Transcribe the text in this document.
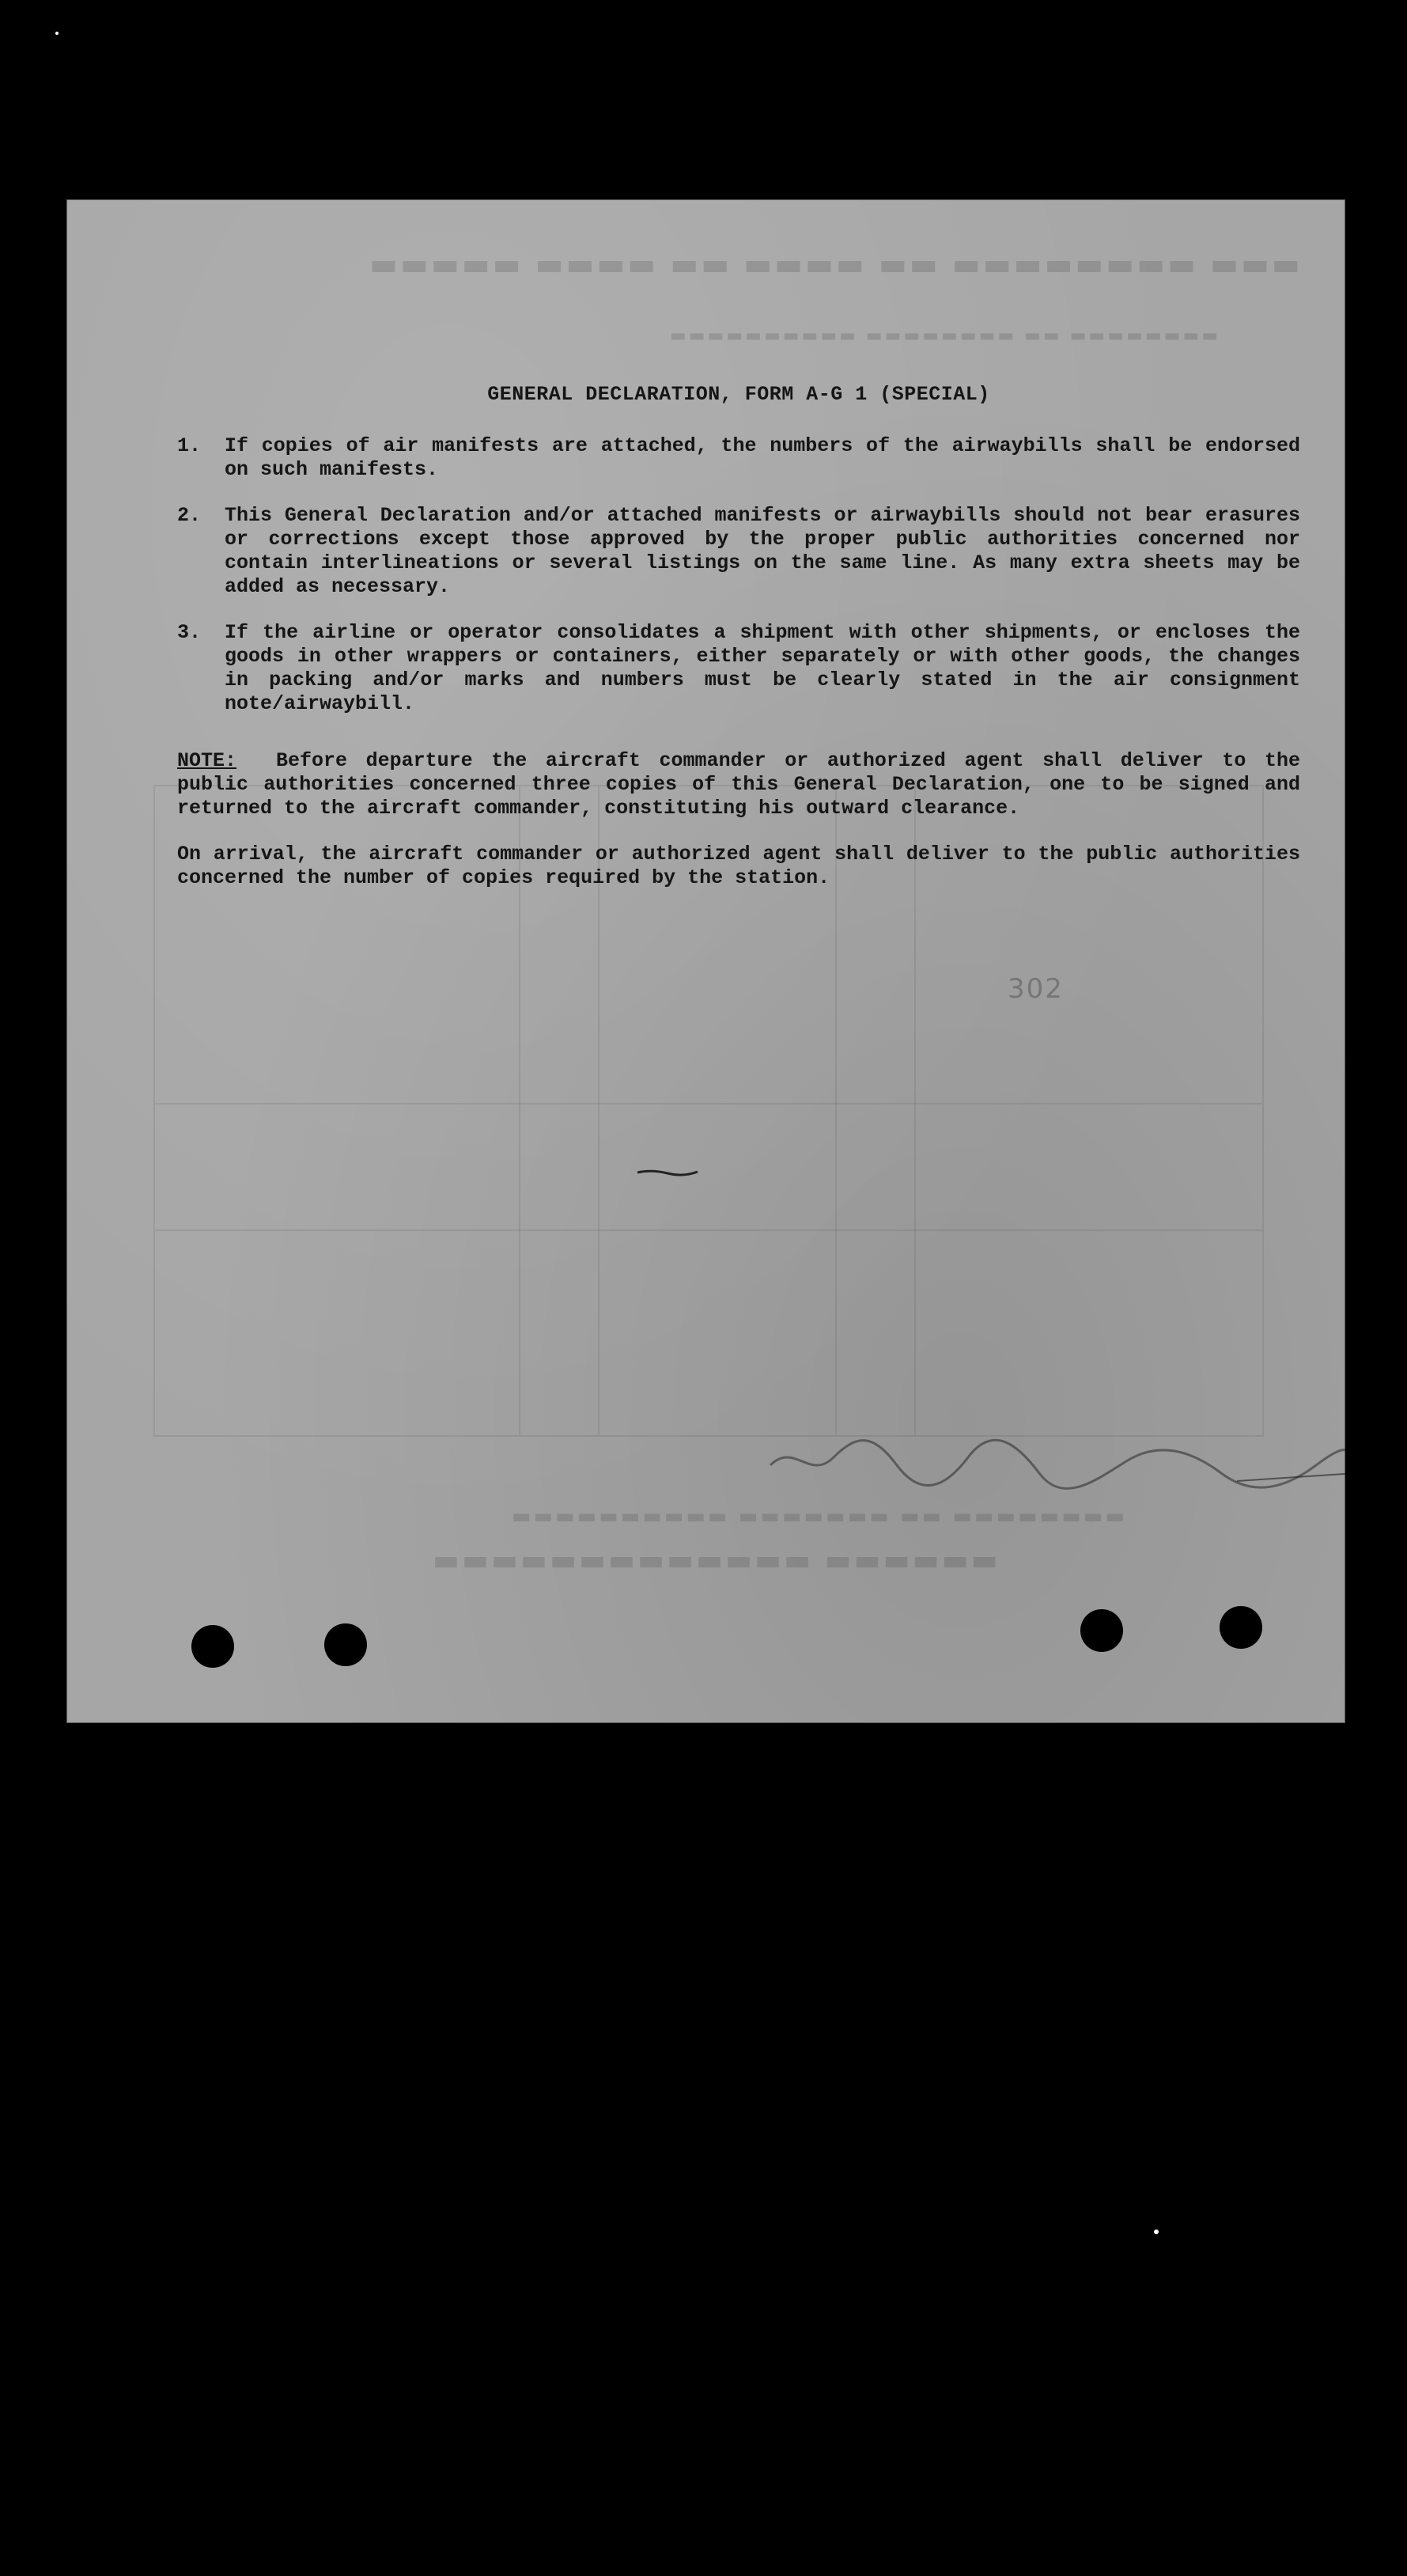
▬▬▬ ▬▬▬▬▬▬▬▬ ▬▬ ▬▬▬▬ ▬▬ ▬▬▬▬ ▬▬▬▬▬
▬▬▬▬▬▬▬▬ ▬▬ ▬▬▬▬▬▬▬▬ ▬▬▬▬▬▬▬▬▬▬
▬▬▬▬▬▬▬▬ ▬▬ ▬▬▬▬▬▬▬ ▬▬▬▬▬▬▬▬▬▬
▬▬▬▬▬▬ ▬▬▬▬▬▬▬▬▬▬▬▬▬
GENERAL DECLARATION, FORM A-G 1 (SPECIAL)
1.	If copies of air manifests are attached, the numbers of the airwaybills shall be endorsed on such manifests.
2.	This General Declaration and/or attached manifests or airwaybills should not bear erasures or corrections except those approved by the proper public authorities concerned nor contain interlineations or several listings on the same line. As many extra sheets may be added as necessary.
3.	If the airline or operator consolidates a shipment with other shipments, or encloses the goods in other wrappers or containers, either separately or with other goods, the changes in packing and/or marks and numbers must be clearly stated in the air consignment note/airwaybill.
NOTE: Before departure the aircraft commander or authorized agent shall deliver to the public authorities concerned three copies of this General Declaration, one to be signed and returned to the aircraft commander, constituting his outward clearance.
On arrival, the aircraft commander or authorized agent shall deliver to the public authorities concerned the number of copies required by the station.
302
